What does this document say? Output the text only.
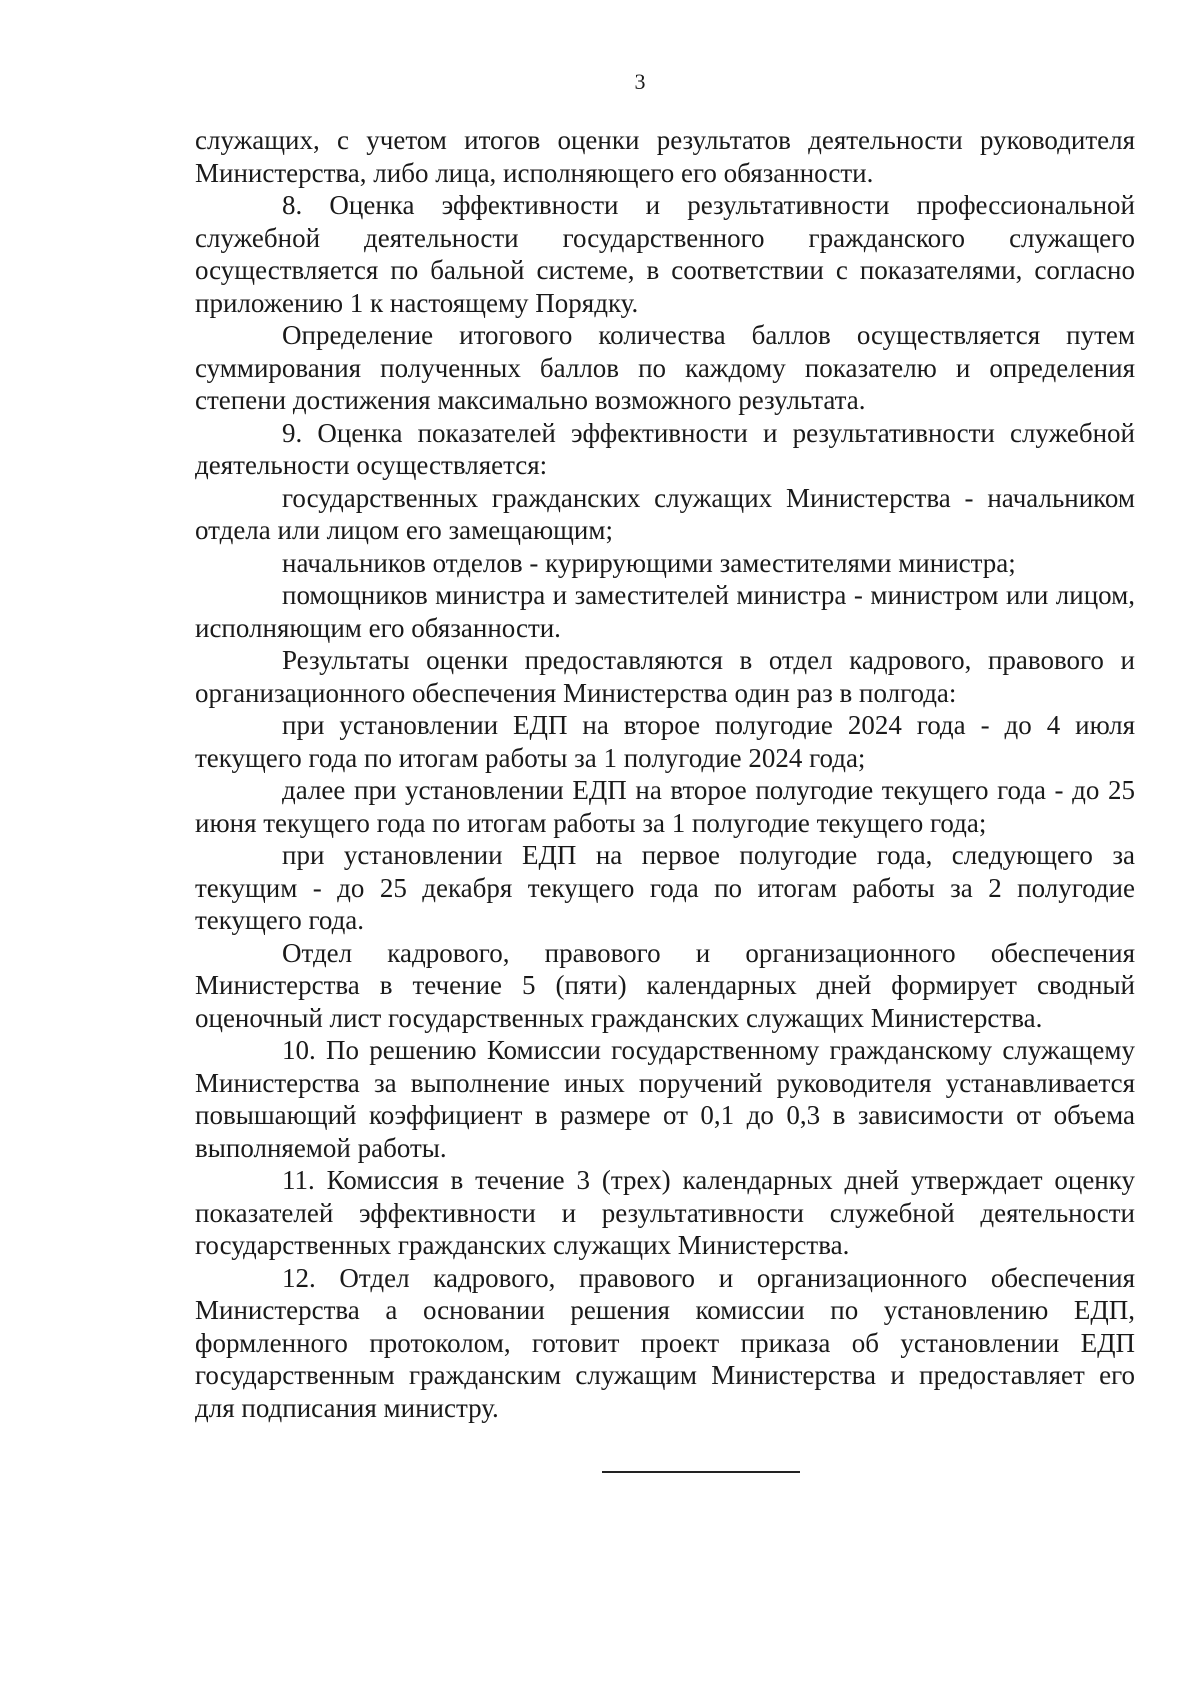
3

служащих, с учетом итогов оценки результатов деятельности руководителя Министерства, либо лица, исполняющего его обязанности.

8. Оценка эффективности и результативности профессиональной служебной деятельности государственного гражданского служащего осуществляется по бальной системе, в соответствии с показателями, согласно приложению 1 к настоящему Порядку.

Определение итогового количества баллов осуществляется путем суммирования полученных баллов по каждому показателю и определения степени достижения максимально возможного результата.

9. Оценка показателей эффективности и результативности служебной деятельности осуществляется:

государственных гражданских служащих Министерства - начальником отдела или лицом его замещающим;

начальников отделов - курирующими заместителями министра;

помощников министра и заместителей министра - министром или лицом, исполняющим его обязанности.

Результаты оценки предоставляются в отдел кадрового, правового и организационного обеспечения Министерства один раз в полгода:

при установлении ЕДП на второе полугодие 2024 года - до 4 июля текущего года по итогам работы за 1 полугодие 2024 года;

далее при установлении ЕДП на второе полугодие текущего года - до 25 июня текущего года по итогам работы за 1 полугодие текущего года;

при установлении ЕДП на первое полугодие года, следующего за текущим - до 25 декабря текущего года по итогам работы за 2 полугодие текущего года.

Отдел кадрового, правового и организационного обеспечения Министерства в течение 5 (пяти) календарных дней формирует сводный оценочный лист государственных гражданских служащих Министерства.

10. По решению Комиссии государственному гражданскому служащему Министерства за выполнение иных поручений руководителя устанавливается повышающий коэффициент в размере от 0,1 до 0,3 в зависимости от объема выполняемой работы.

11. Комиссия в течение 3 (трех) календарных дней утверждает оценку показателей эффективности и результативности служебной деятельности государственных гражданских служащих Министерства.

12. Отдел кадрового, правового и организационного обеспечения Министерства а основании решения комиссии по установлению ЕДП, формленного протоколом, готовит проект приказа об установлении ЕДП государственным гражданским служащим Министерства и предоставляет его для подписания министру.
